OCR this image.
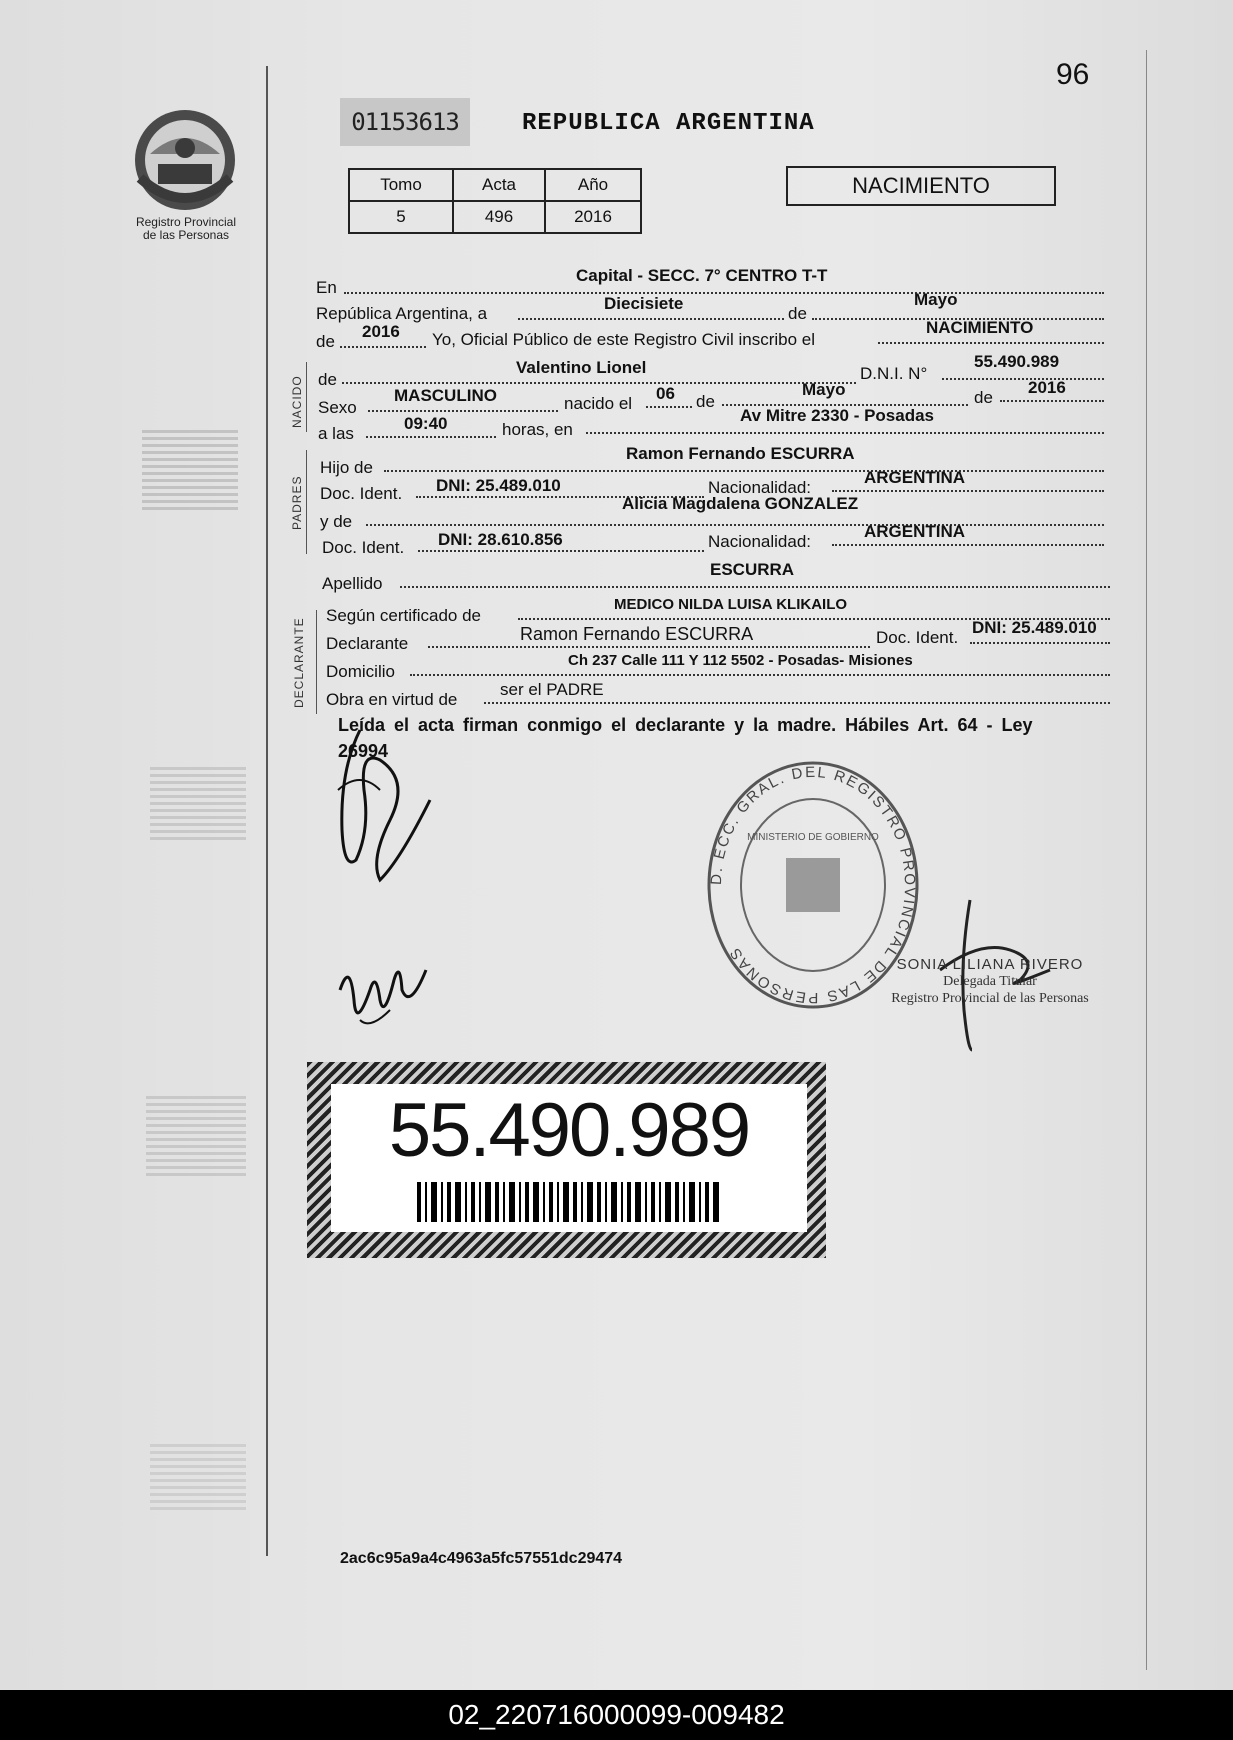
Registro Provincial
de las Personas
96
01153613	REPUBLICA ARGENTINA
Tomo	Acta	Año
5	496	2016
NACIMIENTO
En
Capital - SECC. 7° CENTRO T-T
República Argentina, a
Diecisiete
de
Mayo
de
2016 Yo, Oficial Público de este Registro Civil inscribo el
NACIMIENTO
NACIDO de
Valentino Lionel	D.N.I. N°
55.490.989
Sexo
MASCULINO	nacido el
06 de
Mayo	de
2016
a las
09:40	horas, en
Av Mitre 2330 - Posadas
PADRES
Hijo de
Ramon Fernando ESCURRA
Doc. Ident. DNI: 25.489.010	Nacionalidad:
ARGENTINA
y de
Alicia Magdalena GONZALEZ
Doc. Ident. DNI: 28.610.856	Nacionalidad:
ARGENTINA
Apellido
ESCURRA
DECLARANTE
Según certificado de
MEDICO NILDA LUISA KLIKAILO
Declarante	Ramon Fernando ESCURRA	Doc. Ident.
DNI: 25.489.010
Domicilio
Ch 237 Calle 111 Y 112 5502 - Posadas- Misiones
Obra en virtud de
ser el PADRE
Leída el acta firman conmigo el declarante y la madre. Hábiles Art. 64 - Ley
26994
D. ECC. GRAL. DEL REGISTRO PROVINCIAL DE LAS PERSONAS
MINISTERIO DE GOBIERNO
SONIA LILIANA RIVERO
Delegada Titular
Registro Provincial de las Personas
55.490.989
2ac6c95a9a4c4963a5fc57551dc29474
02_220716000099-009482
